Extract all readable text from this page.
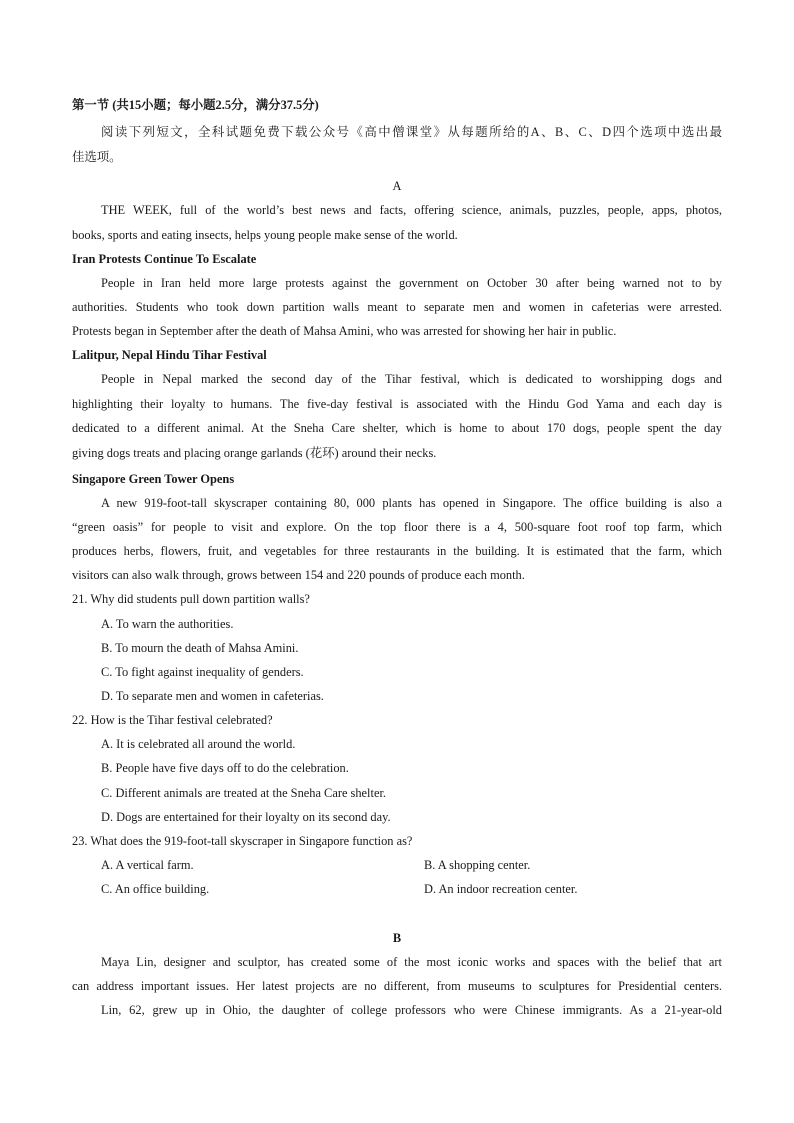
第一节 (共15小题；每小题2.5分，满分37.5分)
阅读下列短文，全科试题免费下载公众号《高中僧课堂》从每题所给的A、B、C、D四个选项中选出最
佳选项。
A
THE WEEK, full of the world’s best news and facts, offering science, animals, puzzles, people, apps, photos,
books, sports and eating insects, helps young people make sense of the world.
Iran Protests Continue To Escalate
People in Iran held more large protests against the government on October 30 after being warned not to by
authorities. Students who took down partition walls meant to separate men and women in cafeterias were arrested.
Protests began in September after the death of Mahsa Amini, who was arrested for showing her hair in public.
Lalitpur, Nepal Hindu Tihar Festival
People in Nepal marked the second day of the Tihar festival, which is dedicated to worshipping dogs and
highlighting their loyalty to humans. The five-day festival is associated with the Hindu God Yama and each day is
dedicated to a different animal. At the Sneha Care shelter, which is home to about 170 dogs, people spent the day
giving dogs treats and placing orange garlands (花环) around their necks.
Singapore Green Tower Opens
A new 919-foot-tall skyscraper containing 80, 000 plants has opened in Singapore. The office building is also a
“green oasis” for people to visit and explore. On the top floor there is a 4, 500-square foot roof top farm, which
produces herbs, flowers, fruit, and vegetables for three restaurants in the building. It is estimated that the farm, which
visitors can also walk through, grows between 154 and 220 pounds of produce each month.
21. Why did students pull down partition walls?
A. To warn the authorities.
B. To mourn the death of Mahsa Amini.
C. To fight against inequality of genders.
D. To separate men and women in cafeterias.
22. How is the Tihar festival celebrated?
A. It is celebrated all around the world.
B. People have five days off to do the celebration.
C. Different animals are treated at the Sneha Care shelter.
D. Dogs are entertained for their loyalty on its second day.
23. What does the 919-foot-tall skyscraper in Singapore function as?
A. A vertical farm.	B. A shopping center.
C. An office building.	D. An indoor recreation center.
B
Maya Lin, designer and sculptor, has created some of the most iconic works and spaces with the belief that art
can address important issues. Her latest projects are no different, from museums to sculptures for Presidential centers.
Lin, 62, grew up in Ohio, the daughter of college professors who were Chinese immigrants. As a 21-year-old
